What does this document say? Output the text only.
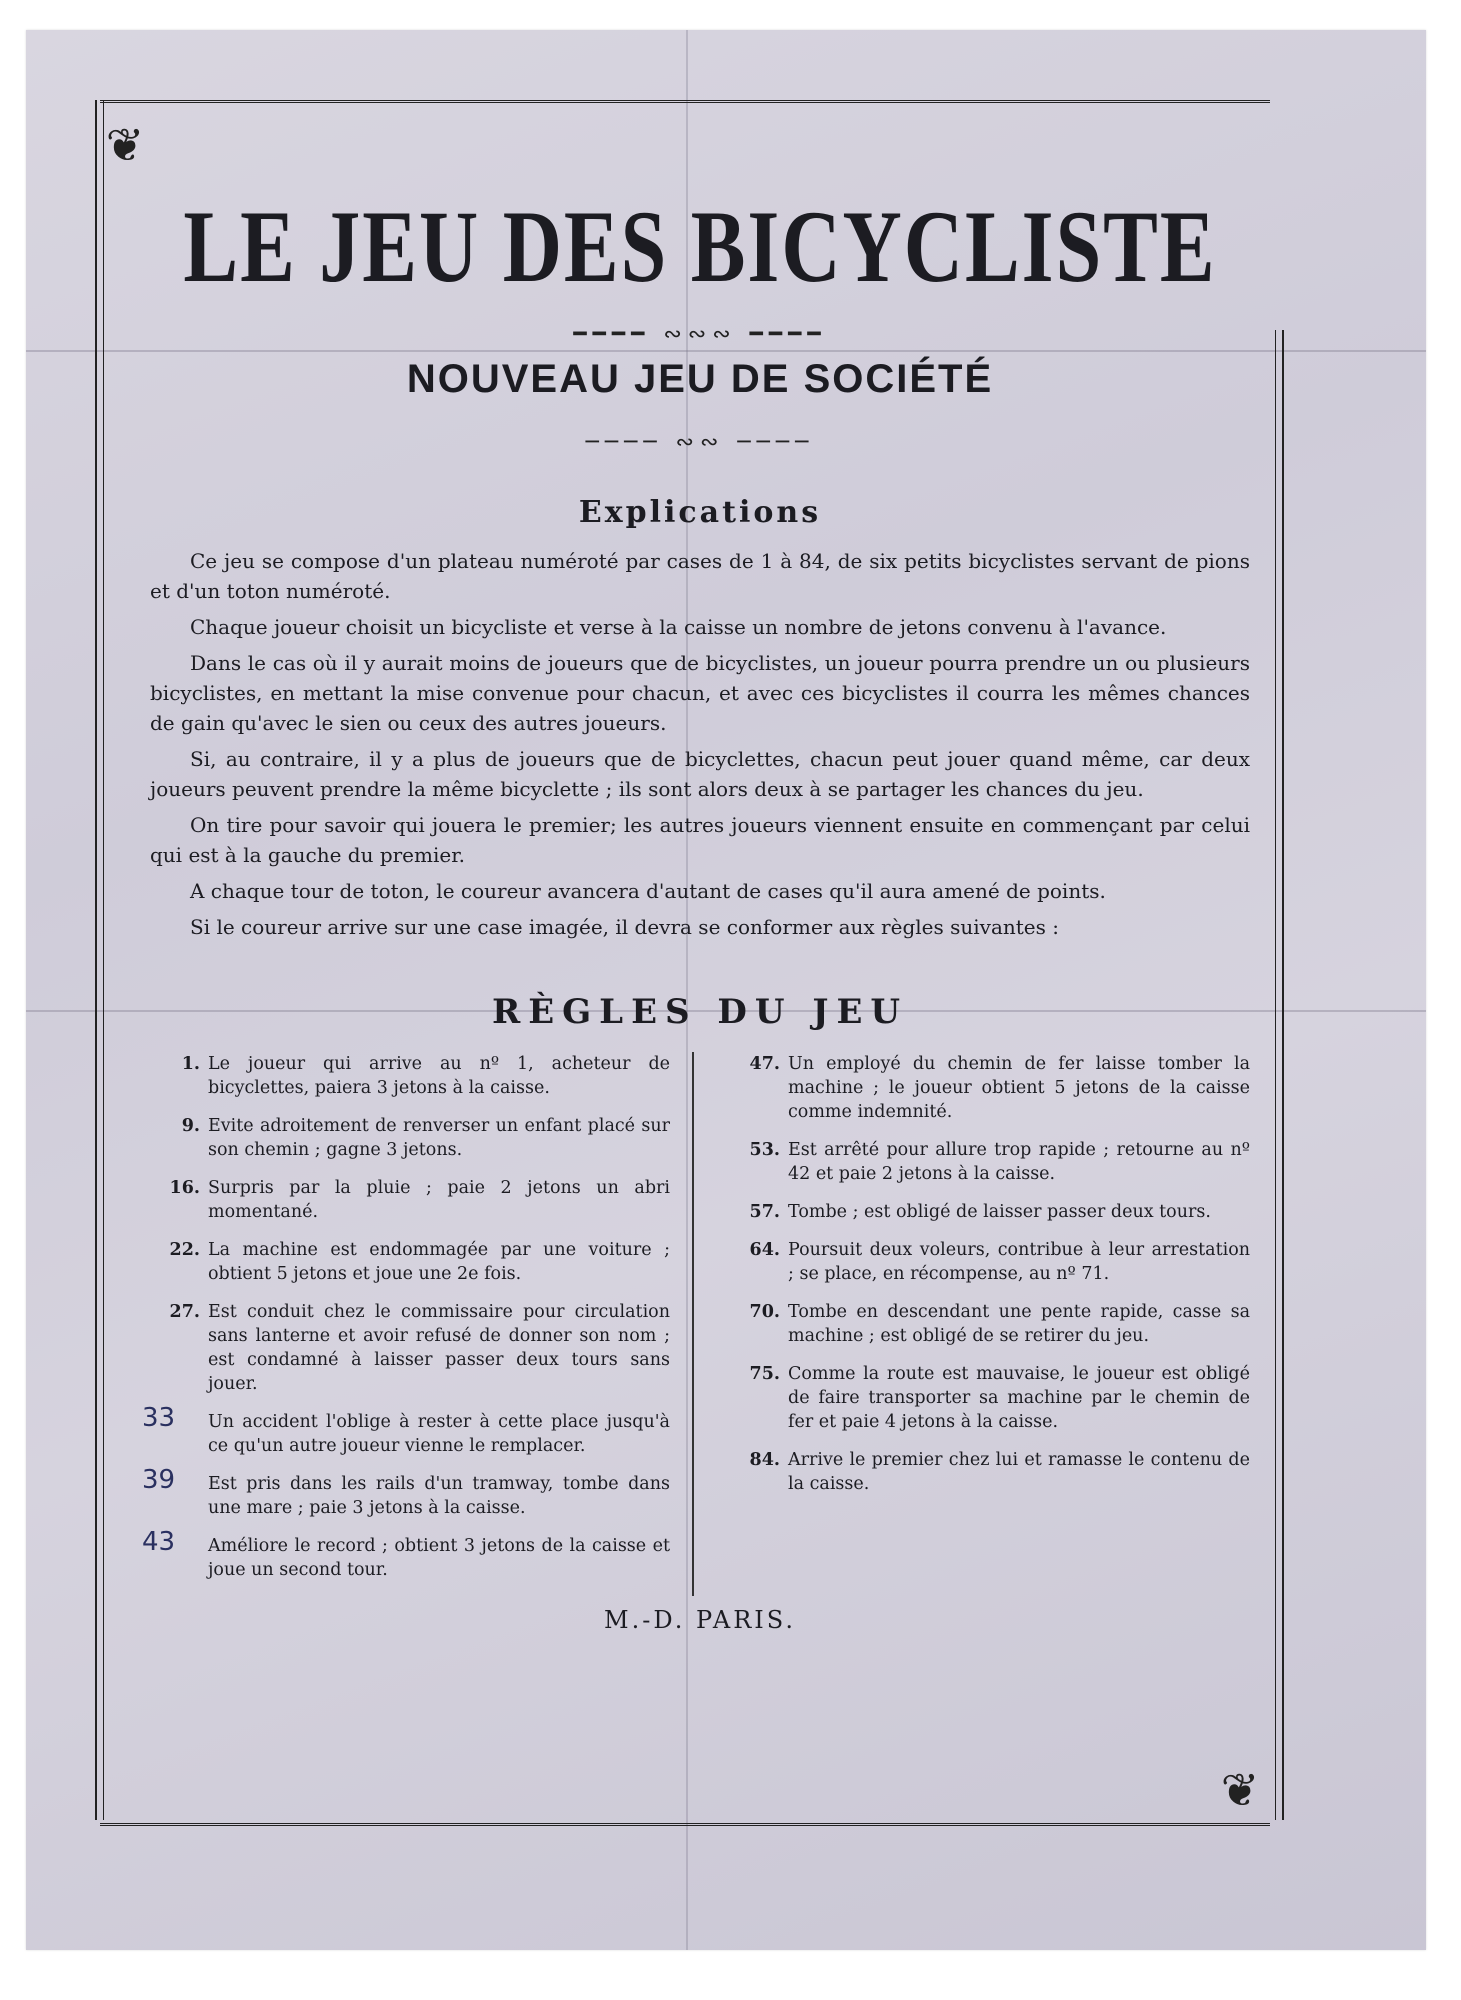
❦
❦
LE JEU DES BICYCLISTE
━━━━ ∾∾∾ ━━━━
NOUVEAU JEU DE SOCIÉTÉ
──── ∾∾ ────
Explications

Ce jeu se compose d'un plateau numéroté par cases de 1 à 84, de six petits bicyclistes servant de pions et d'un toton numéroté.

Chaque joueur choisit un bicycliste et verse à la caisse un nombre de jetons convenu à l'avance.

Dans le cas où il y aurait moins de joueurs que de bicyclistes, un joueur pourra prendre un ou plusieurs bicyclistes, en mettant la mise convenue pour chacun, et avec ces bicyclistes il courra les mêmes chances de gain qu'avec le sien ou ceux des autres joueurs.

Si, au contraire, il y a plus de joueurs que de bicyclettes, chacun peut jouer quand même, car deux joueurs peuvent prendre la même bicyclette ; ils sont alors deux à se partager les chances du jeu.

On tire pour savoir qui jouera le premier; les autres joueurs viennent ensuite en commençant par celui qui est à la gauche du premier.

A chaque tour de toton, le coureur avancera d'autant de cases qu'il aura amené de points.

Si le coureur arrive sur une case imagée, il devra se conformer aux règles suivantes :

RÈGLES DU JEU
1. Le joueur qui arrive au nº 1, acheteur de bicyclettes, paiera 3 jetons à la caisse.
9. Evite adroitement de renverser un enfant placé sur son chemin ; gagne 3 jetons.
16. Surpris par la pluie ; paie 2 jetons un abri momentané.
22. La machine est endommagée par une voiture ; obtient 5 jetons et joue une 2e fois.
27. Est conduit chez le commissaire pour circulation sans lanterne et avoir refusé de donner son nom ; est condamné à laisser passer deux tours sans jouer.
33 Un accident l'oblige à rester à cette place jusqu'à ce qu'un autre joueur vienne le remplacer.
39 Est pris dans les rails d'un tramway, tombe dans une mare ; paie 3 jetons à la caisse.
43 Améliore le record ; obtient 3 jetons de la caisse et joue un second tour.
47. Un employé du chemin de fer laisse tomber la machine ; le joueur obtient 5 jetons de la caisse comme indemnité.
53. Est arrêté pour allure trop rapide ; retourne au nº 42 et paie 2 jetons à la caisse.
57. Tombe ; est obligé de laisser passer deux tours.
64. Poursuit deux voleurs, contribue à leur arrestation ; se place, en récompense, au nº 71.
70. Tombe en descendant une pente rapide, casse sa machine ; est obligé de se retirer du jeu.
75. Comme la route est mauvaise, le joueur est obligé de faire transporter sa machine par le chemin de fer et paie 4 jetons à la caisse.
84. Arrive le premier chez lui et ramasse le contenu de la caisse.
M.-D. PARIS.
